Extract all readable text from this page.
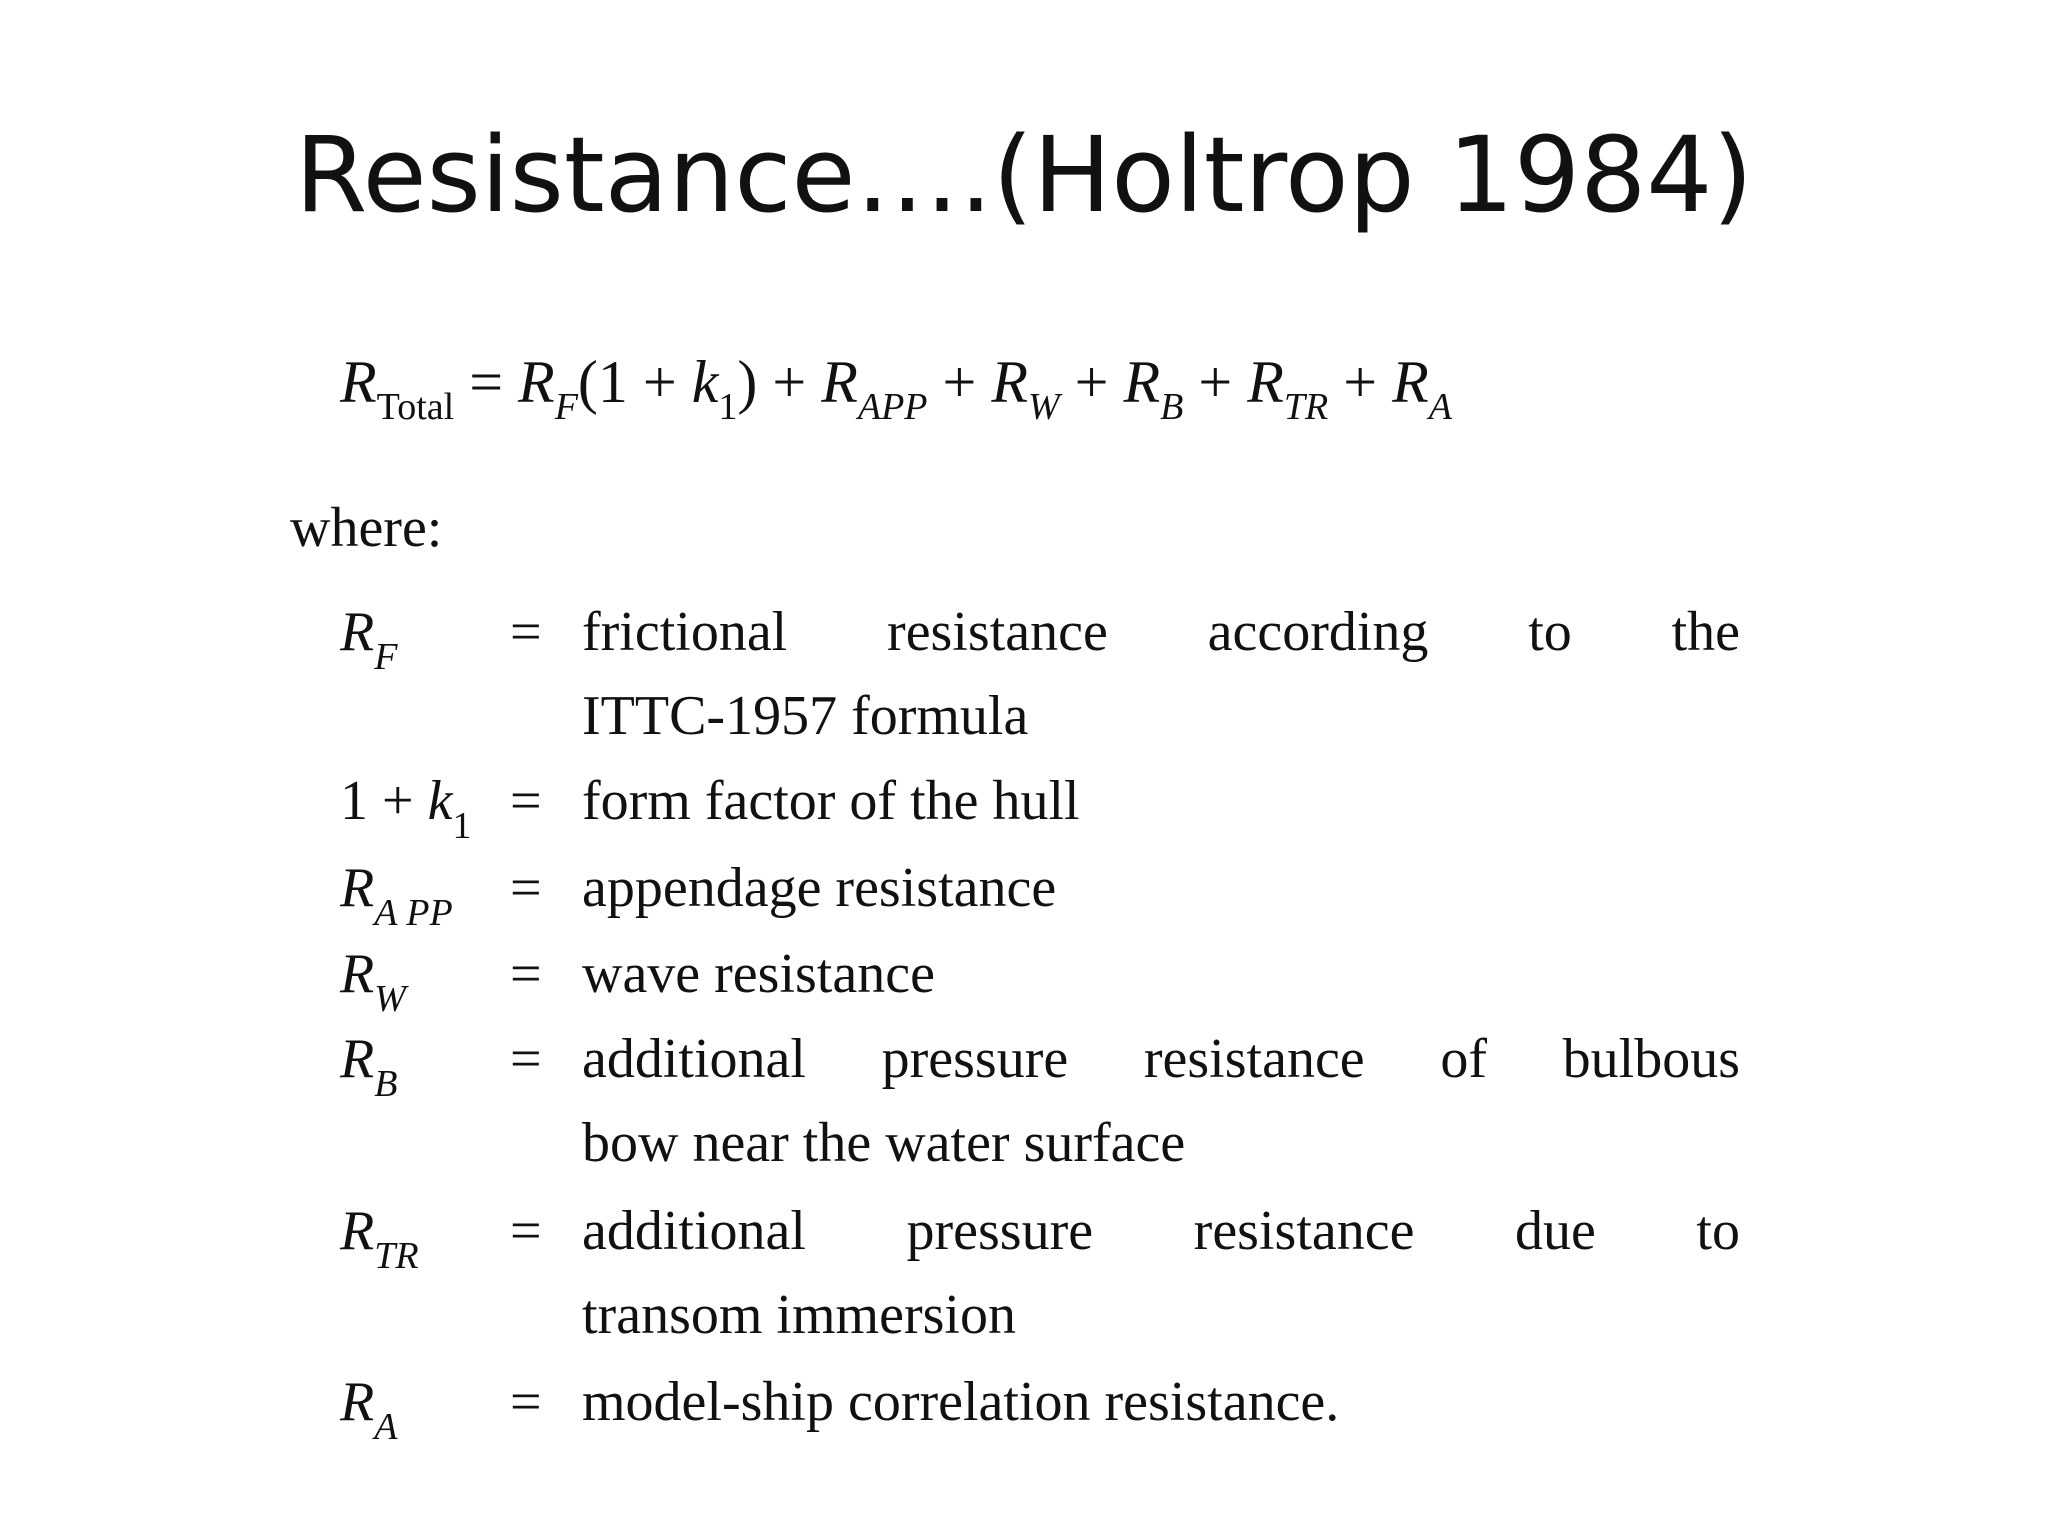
Resistance….(Holtrop 1984)
$R_{Total} = R_F(1 + k_1) + R_{APP} + R_W + R_B + R_{TR} + R_A$
where:
$R_F$ = frictional resistance according to the
ITTC-1957 formula
$1 + k_1$ = form factor of the hull
$R_{A PP}$ = appendage resistance
$R_W$ = wave resistance
$R_B$ = additional pressure resistance of bulbous
bow near the water surface
$R_{TR}$ = additional pressure resistance due to
transom immersion
$R_A$ = model-ship correlation resistance.
